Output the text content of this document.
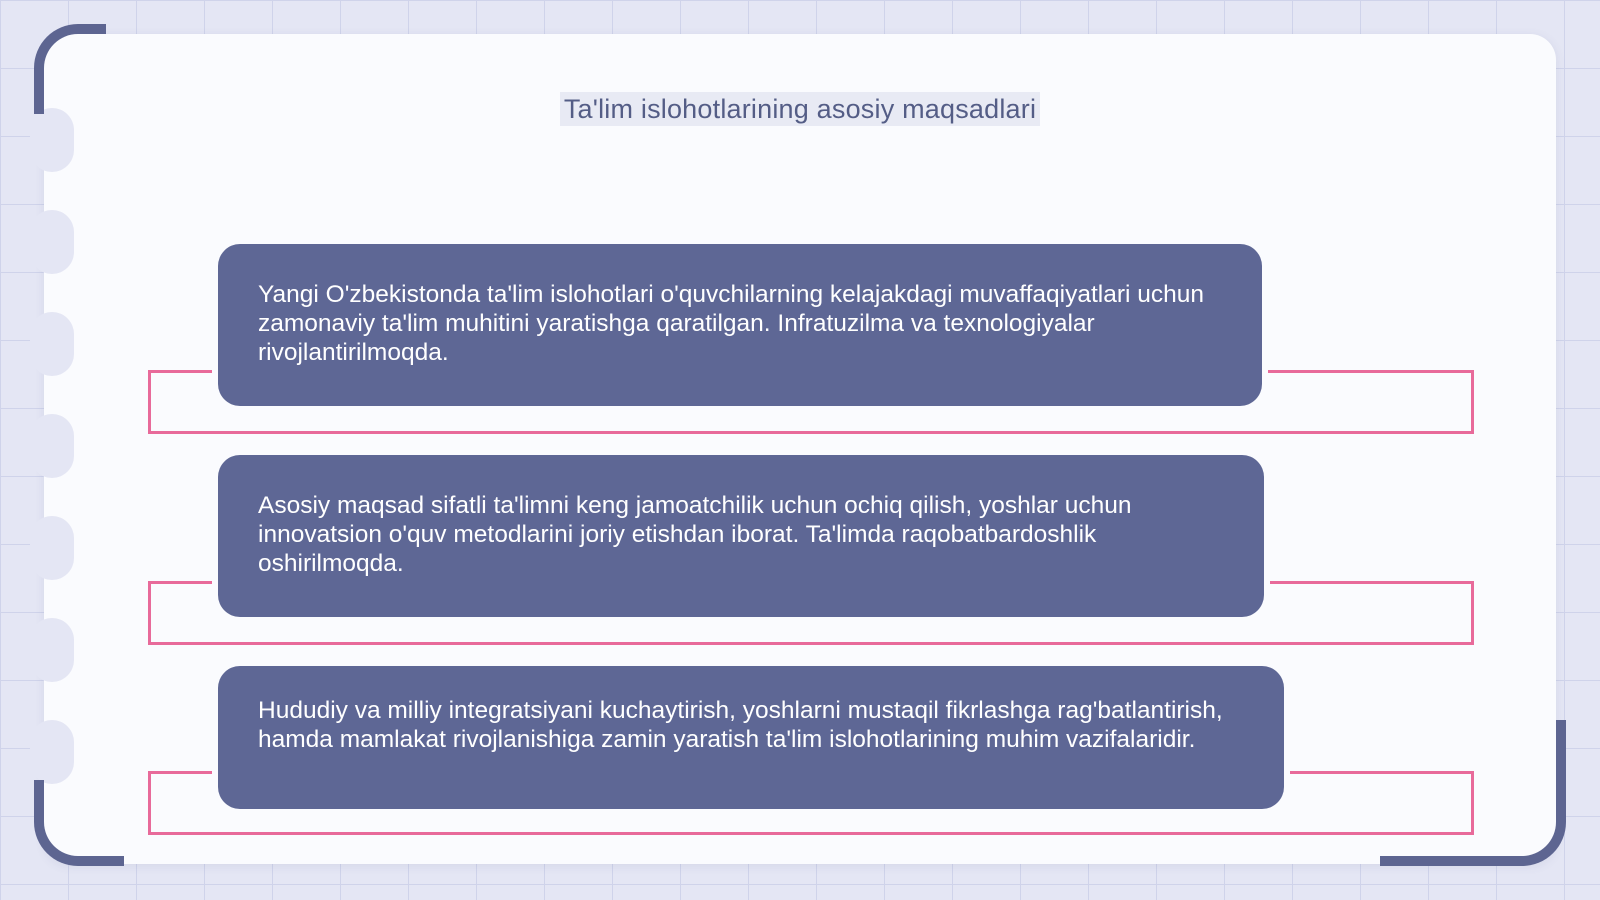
Ta'lim islohotlarining asosiy maqsadlari
Yangi O'zbekistonda ta'lim islohotlari o'quvchilarning kelajakdagi muvaffaqiyatlari uchun zamonaviy ta'lim muhitini yaratishga qaratilgan. Infratuzilma va texnologiyalar rivojlantirilmoqda.
Asosiy maqsad sifatli ta'limni keng jamoatchilik uchun ochiq qilish, yoshlar uchun innovatsion o'quv metodlarini joriy etishdan iborat. Ta'limda raqobatbardoshlik oshirilmoqda.
Hududiy va milliy integratsiyani kuchaytirish, yoshlarni mustaqil fikrlashga rag'batlantirish, hamda mamlakat rivojlanishiga zamin yaratish ta'lim islohotlarining muhim vazifalaridir.
